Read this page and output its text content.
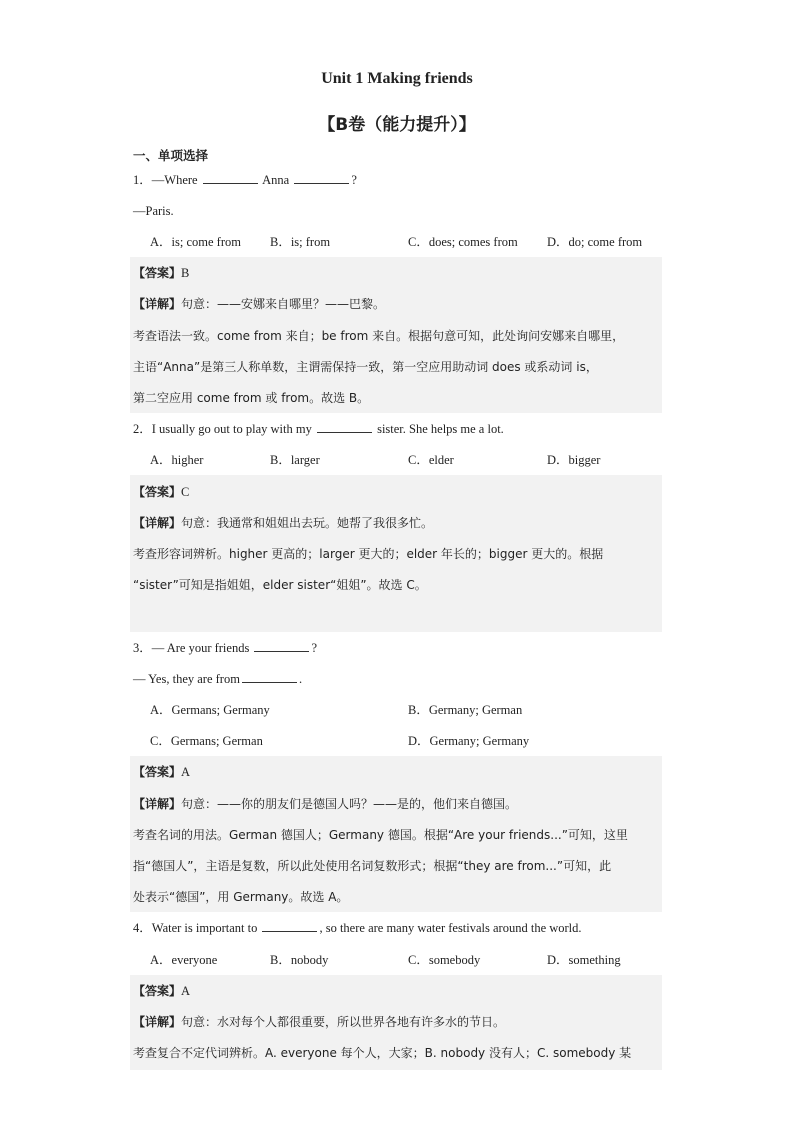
Unit 1 Making friends
【B卷（能力提升）】
一、单项选择
1．—Where	Anna	?
—Paris.
A．is; come from B．is; from	C．does; comes from D．do; come from
【答案】B
【详解】句意：——安娜来自哪里？——巴黎。
考查语法一致。come from 来自；be from 来自。根据句意可知，此处询问安娜来自哪里，
主语“Anna”是第三人称单数，主谓需保持一致，第一空应用助动词 does 或系动词 is，
第二空应用 come from 或 from。故选 B。
2．I usually go out to play with my	sister. She helps me a lot.
A．higher	B．larger	C．elder	D．bigger
【答案】C
【详解】句意：我通常和姐姐出去玩。她帮了我很多忙。
考查形容词辨析。higher 更高的；larger 更大的；elder 年长的；bigger 更大的。根据
“sister”可知是指姐姐，elder sister“姐姐”。故选 C。
3．— Are your friends	?
— Yes, they are from	.
A．Germans; Germany	B．Germany; German
C．Germans; German	D．Germany; Germany
【答案】A
【详解】句意：——你的朋友们是德国人吗？——是的，他们来自德国。
考查名词的用法。German 德国人；Germany 德国。根据“Are your friends...”可知，这里
指“德国人”，主语是复数，所以此处使用名词复数形式；根据“they are from...”可知，此
处表示“德国”，用 Germany。故选 A。
4．Water is important to	, so there are many water festivals around the world.
A．everyone	B．nobody	C．somebody	D．something
【答案】A
【详解】句意：水对每个人都很重要，所以世界各地有许多水的节日。
考查复合不定代词辨析。A. everyone 每个人，大家；B. nobody 没有人；C. somebody 某
